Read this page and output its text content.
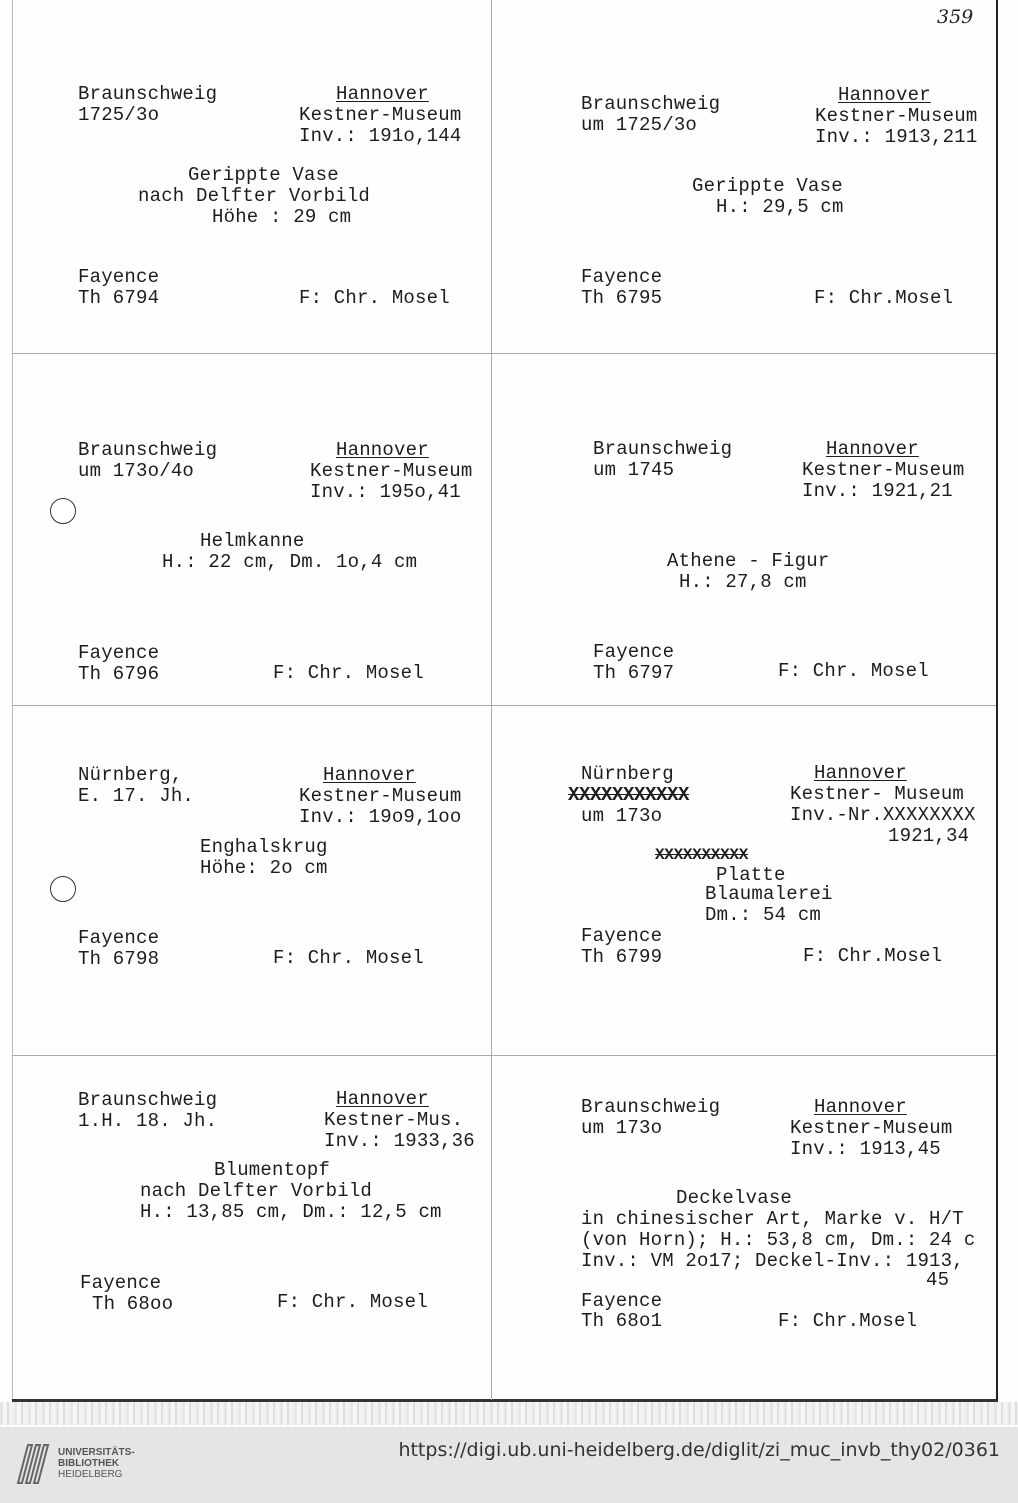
359
Braunschweig
1725/3o
Hannover
Kestner-Museum
Inv.: 191o,144
Gerippte Vase
nach Delfter Vorbild
Höhe : 29 cm
Fayence
Th 6794	F: Chr. Mosel
Braunschweig
um 1725/3o
Hannover
Kestner-Museum
Inv.: 1913,211
Gerippte Vase
H.: 29,5 cm
Fayence
Th 6795	F: Chr.Mosel
Braunschweig
um 173o/4o
Hannover
Kestner-Museum
Inv.: 195o,41
Helmkanne
H.: 22 cm, Dm. 1o,4 cm
Fayence
Th 6796	F: Chr. Mosel
Braunschweig
um 1745
Hannover
Kestner-Museum
Inv.: 1921,21
Athene - Figur
H.: 27,8 cm
Fayence
Th 6797	F: Chr. Mosel
Nürnberg,
E. 17. Jh.
Hannover
Kestner-Museum
Inv.: 19o9,1oo
Enghalskrug
Höhe: 2o cm
Fayence
Th 6798	F: Chr. Mosel
Nürnberg
XXXXXXXXXXX
um 173o
Hannover
Kestner- Museum
Inv.-Nr.XXXXXXXX
1921,34
XXXXXXXXXX
Platte
Blaumalerei
Dm.: 54 cm
Fayence
Th 6799	F: Chr.Mosel
Braunschweig
1.H. 18. Jh.
Hannover
Kestner-Mus.
Inv.: 1933,36
Blumentopf
nach Delfter Vorbild
H.: 13,85 cm, Dm.: 12,5 cm
Fayence
Th 68oo	F: Chr. Mosel
Braunschweig
um 173o
Hannover
Kestner-Museum
Inv.: 1913,45
Deckelvase
in chinesischer Art, Marke v. H/T
(von Horn); H.: 53,8 cm, Dm.: 24 c
Inv.: VM 2o17; Deckel-Inv.: 1913,
45
Fayence
Th 68o1	F: Chr.Mosel
UNIVERSITÄTS-
BIBLIOTHEK
HEIDELBERG
https://digi.ub.uni-heidelberg.de/diglit/zi_muc_invb_thy02/0361
